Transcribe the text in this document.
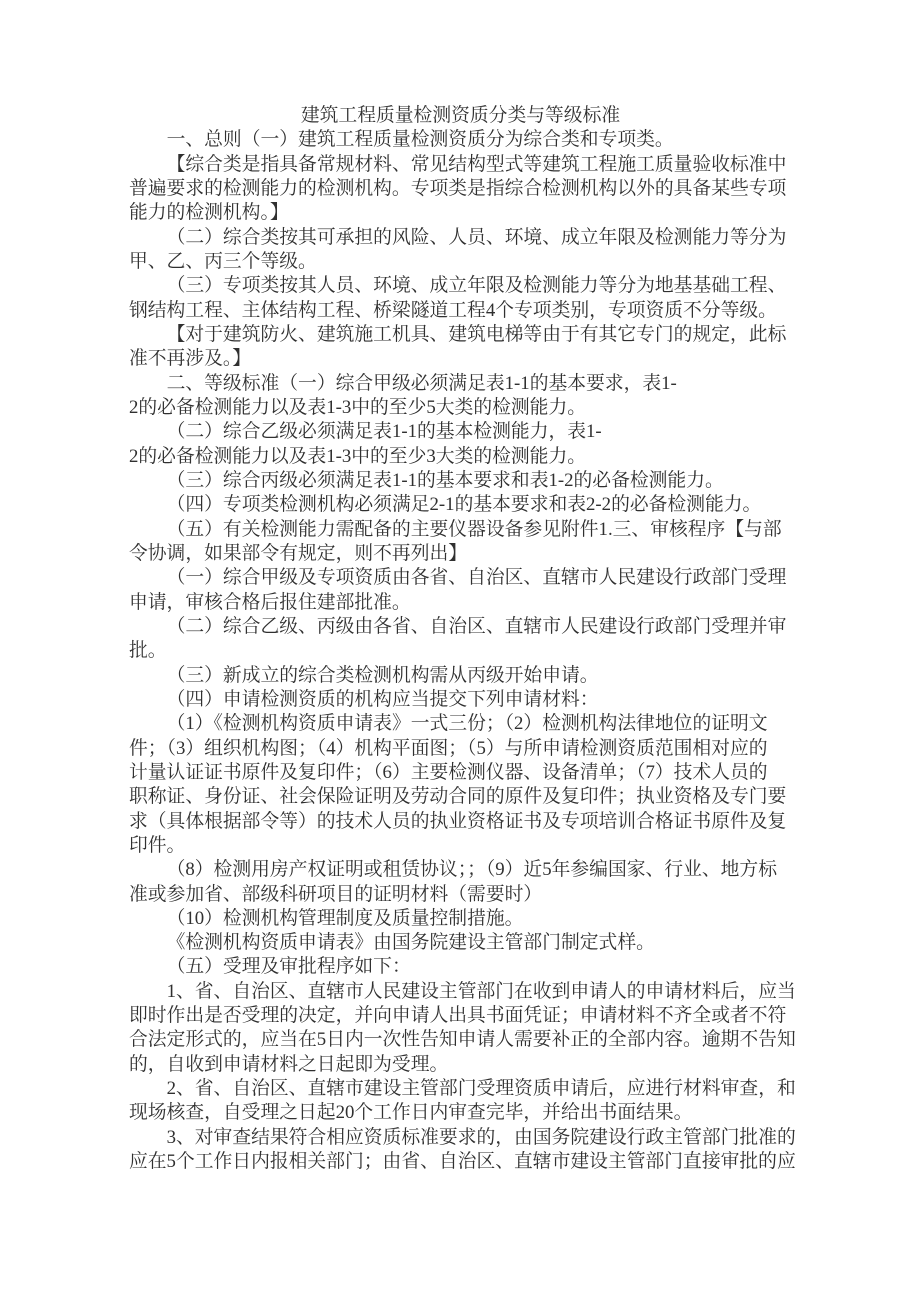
建筑工程质量检测资质分类与等级标准
一、总则（一）建筑工程质量检测资质分为综合类和专项类。
【综合类是指具备常规材料、常见结构型式等建筑工程施工质量验收标准中
普遍要求的检测能力的检测机构。专项类是指综合检测机构以外的具备某些专项
能力的检测机构。】
（二）综合类按其可承担的风险、人员、环境、成立年限及检测能力等分为
甲、乙、丙三个等级。
（三）专项类按其人员、环境、成立年限及检测能力等分为地基基础工程、
钢结构工程、主体结构工程、桥梁隧道工程4个专项类别，专项资质不分等级。
【对于建筑防火、建筑施工机具、建筑电梯等由于有其它专门的规定，此标
准不再涉及。】
二、等级标准（一）综合甲级必须满足表1-1的基本要求，表1-
2的必备检测能力以及表1-3中的至少5大类的检测能力。
（二）综合乙级必须满足表1-1的基本检测能力，表1-
2的必备检测能力以及表1-3中的至少3大类的检测能力。
（三）综合丙级必须满足表1-1的基本要求和表1-2的必备检测能力。
（四）专项类检测机构必须满足2-1的基本要求和表2-2的必备检测能力。
（五）有关检测能力需配备的主要仪器设备参见附件1.三、审核程序【与部
令协调，如果部令有规定，则不再列出】
（一）综合甲级及专项资质由各省、自治区、直辖市人民建设行政部门受理
申请，审核合格后报住建部批准。
（二）综合乙级、丙级由各省、自治区、直辖市人民建设行政部门受理并审
批。
（三）新成立的综合类检测机构需从丙级开始申请。
（四）申请检测资质的机构应当提交下列申请材料：
（1）《检测机构资质申请表》一式三份；（2）检测机构法律地位的证明文
件；（3）组织机构图；（4）机构平面图；（5）与所申请检测资质范围相对应的
计量认证证书原件及复印件；（6）主要检测仪器、设备清单；（7）技术人员的
职称证、身份证、社会保险证明及劳动合同的原件及复印件；执业资格及专门要
求（具体根据部令等）的技术人员的执业资格证书及专项培训合格证书原件及复
印件。
（8）检测用房产权证明或租赁协议；；（9）近5年参编国家、行业、地方标
准或参加省、部级科研项目的证明材料（需要时）
（10）检测机构管理制度及质量控制措施。
《检测机构资质申请表》由国务院建设主管部门制定式样。
（五）受理及审批程序如下：
1、省、自治区、直辖市人民建设主管部门在收到申请人的申请材料后，应当
即时作出是否受理的决定，并向申请人出具书面凭证；申请材料不齐全或者不符
合法定形式的，应当在5日内一次性告知申请人需要补正的全部内容。逾期不告知
的，自收到申请材料之日起即为受理。
2、省、自治区、直辖市建设主管部门受理资质申请后，应进行材料审查，和
现场核查，自受理之日起20个工作日内审查完毕，并给出书面结果。
3、对审查结果符合相应资质标准要求的，由国务院建设行政主管部门批准的
应在5个工作日内报相关部门；由省、自治区、直辖市建设主管部门直接审批的应
